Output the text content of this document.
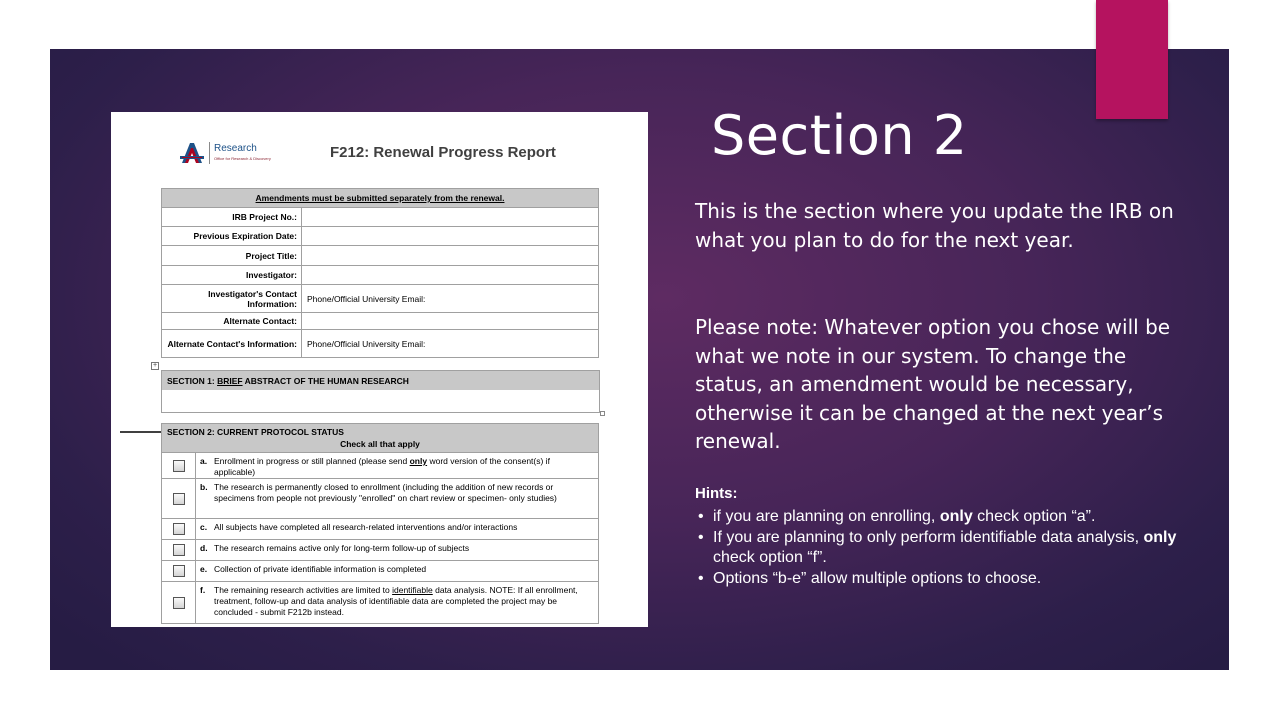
Research
Office for Research & Discovery	F212: Renewal Progress Report
Amendments must be submitted separately from the renewal.	
IRB Project No.:	
Previous Expiration Date:	
Project Title:	
Investigator:	
Investigator's Contact Information:	Phone/Official University Email:
Alternate Contact:	
Alternate Contact's Information:	Phone/Official University Email:
+
SECTION 1: BRIEF ABSTRACT OF THE HUMAN RESEARCH
SECTION 2: CURRENT PROTOCOL STATUS
Check all that apply
a. Enrollment in progress or still planned (please send only word version of the consent(s) if applicable)
b. The research is permanently closed to enrollment (including the addition of new records or specimens from people not previously "enrolled" on chart review or specimen- only studies)
c. All subjects have completed all research-related interventions and/or interactions
d. The research remains active only for long-term follow-up of subjects
e. Collection of private identifiable information is completed
f.	The remaining research activities are limited to identifiable data analysis. NOTE: If all enrollment, treatment, follow-up and data analysis of identifiable data are completed the project may be concluded - submit F212b instead.
Section 2
This is the section where you update the IRB on what you plan to do for the next year.
Please note: Whatever option you chose will be what we note in our system. To change the status, an amendment would be necessary, otherwise it can be changed at the next year’s renewal.
Hints:
• if you are planning on enrolling, only check option “a”.
• If you are planning to only perform identifiable data analysis, only check option “f”.
• Options “b-e” allow multiple options to choose.
